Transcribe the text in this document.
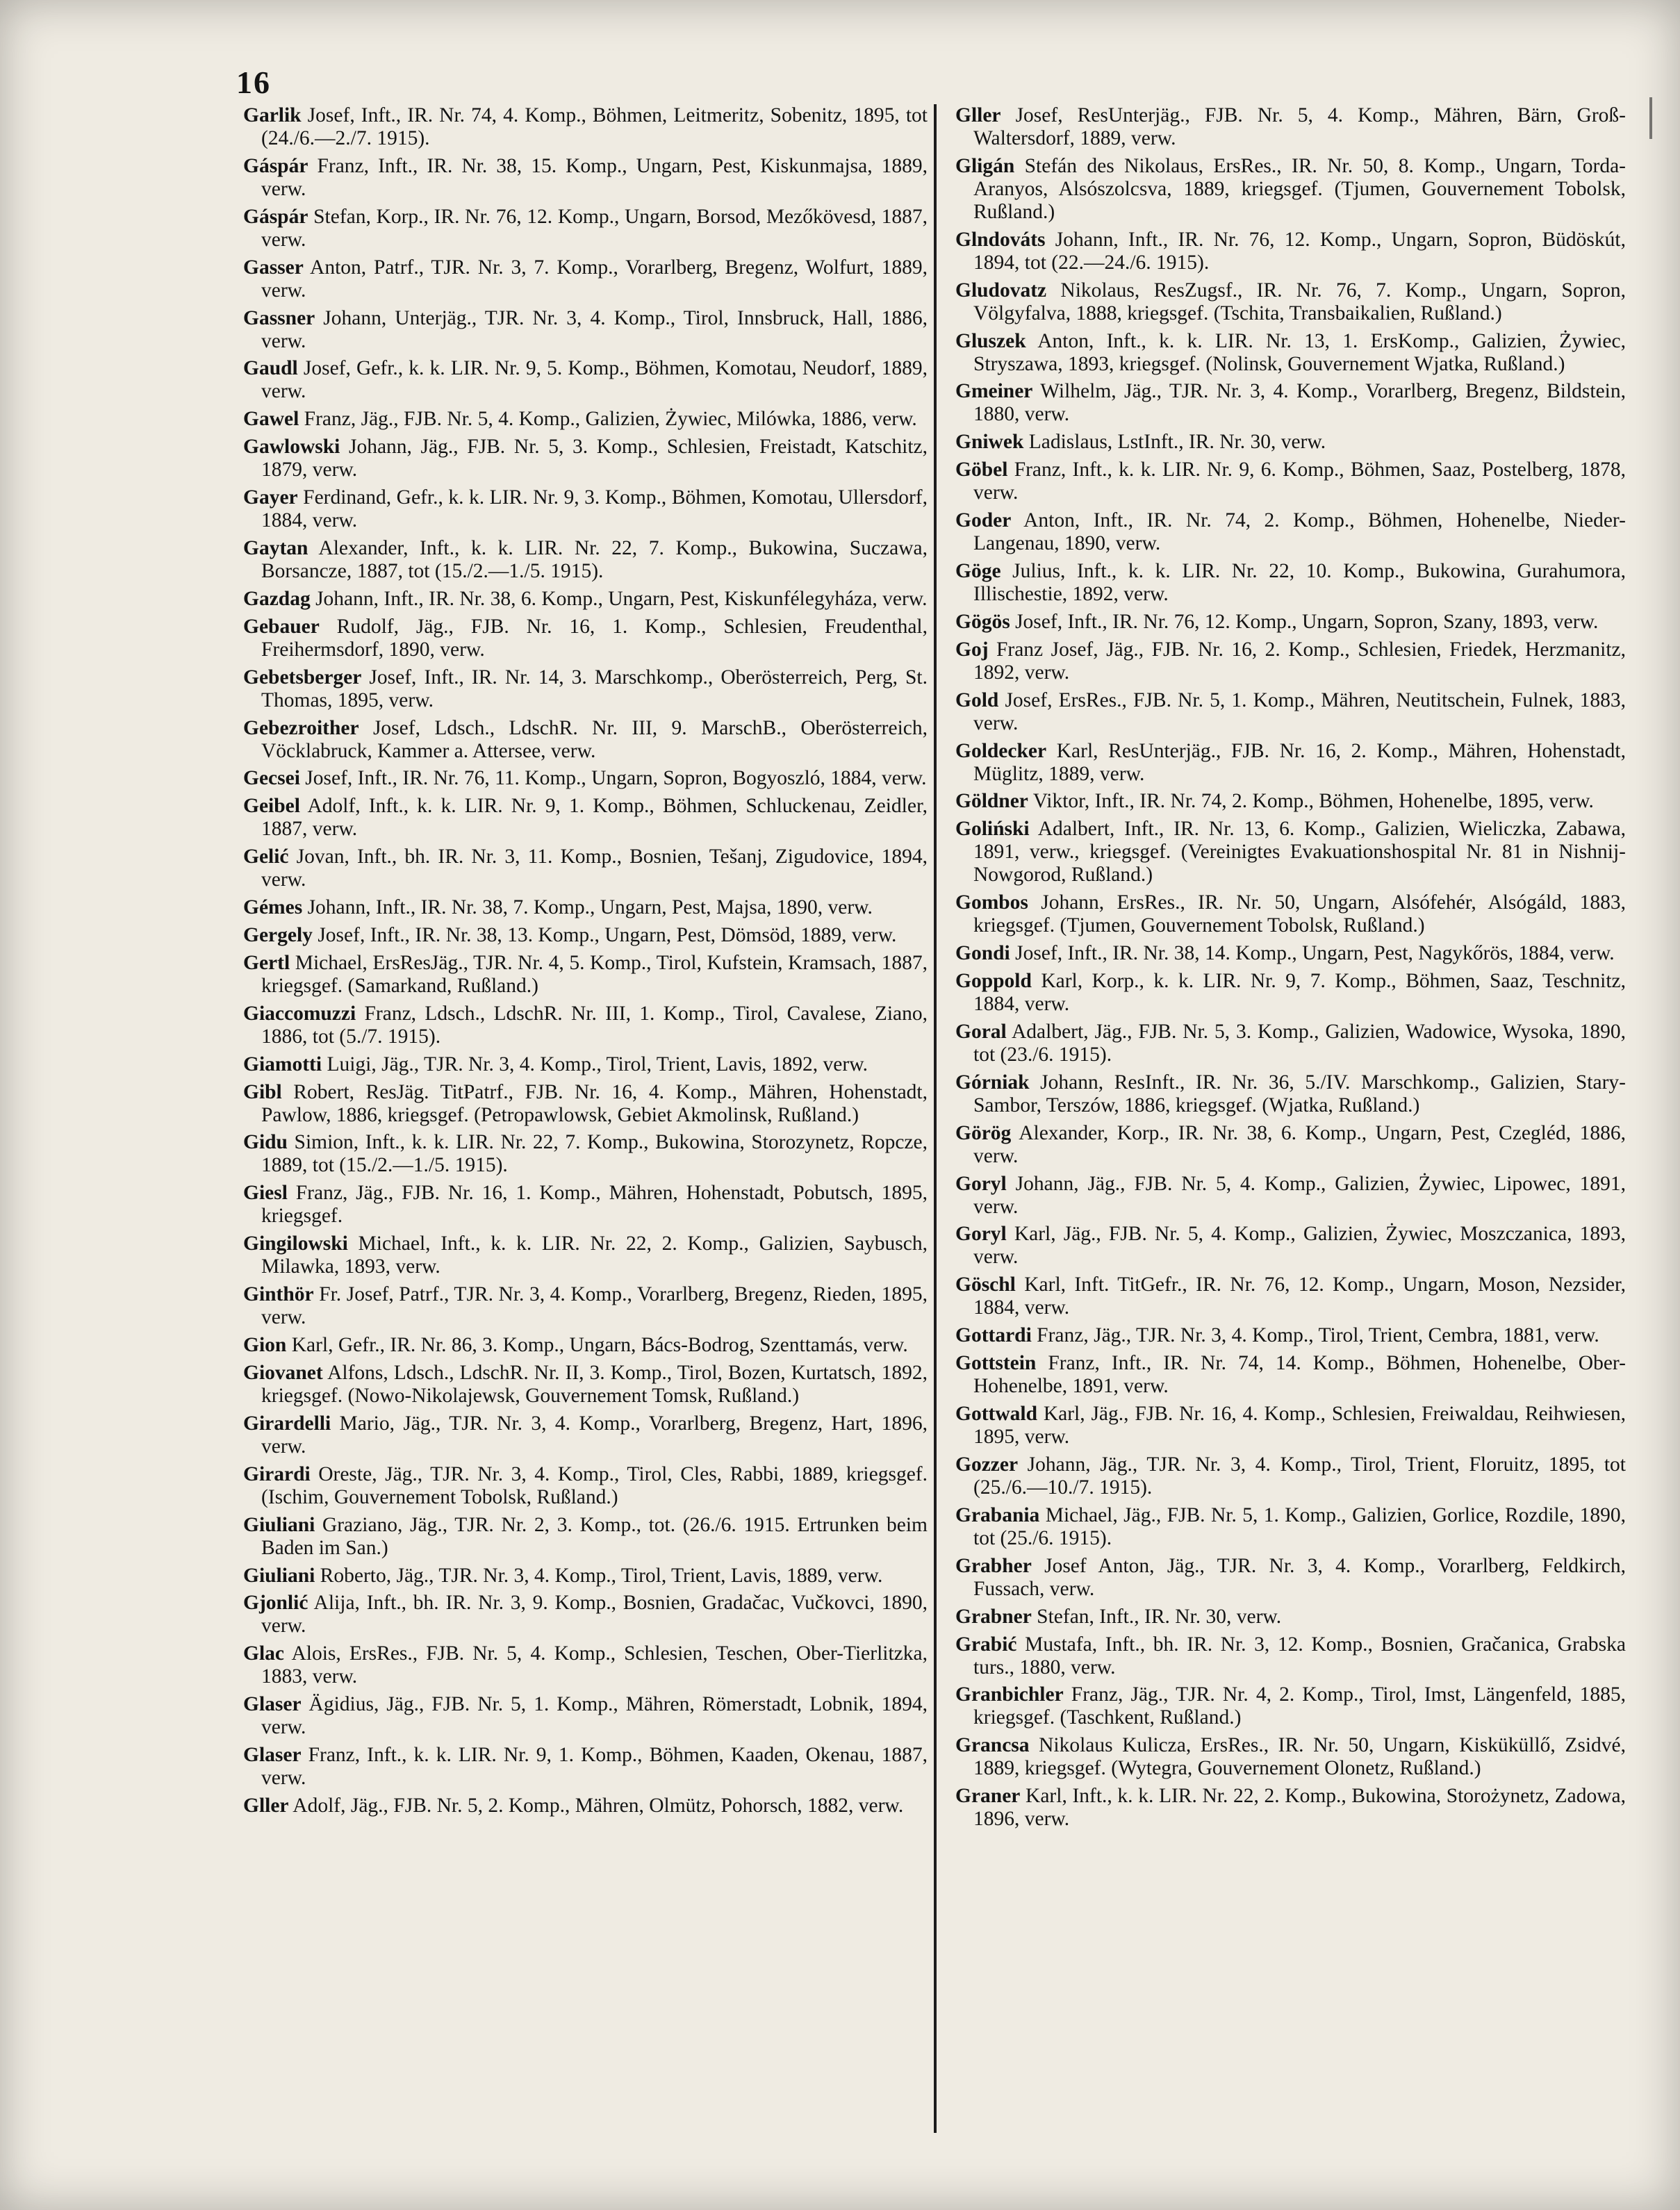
16

Garlik Josef, Inft., IR. Nr. 74, 4. Komp., Böhmen, Leitmeritz, Sobenitz, 1895, tot (24./6.—2./7. 1915).

Gáspár Franz, Inft., IR. Nr. 38, 15. Komp., Ungarn, Pest, Kiskunmajsa, 1889, verw.

Gáspár Stefan, Korp., IR. Nr. 76, 12. Komp., Ungarn, Borsod, Mezőkövesd, 1887, verw.

Gasser Anton, Patrf., TJR. Nr. 3, 7. Komp., Vorarlberg, Bregenz, Wolfurt, 1889, verw.

Gassner Johann, Unterjäg., TJR. Nr. 3, 4. Komp., Tirol, Innsbruck, Hall, 1886, verw.

Gaudl Josef, Gefr., k. k. LIR. Nr. 9, 5. Komp., Böhmen, Komotau, Neudorf, 1889, verw.

Gawel Franz, Jäg., FJB. Nr. 5, 4. Komp., Galizien, Żywiec, Milówka, 1886, verw.

Gawlowski Johann, Jäg., FJB. Nr. 5, 3. Komp., Schlesien, Freistadt, Katschitz, 1879, verw.

Gayer Ferdinand, Gefr., k. k. LIR. Nr. 9, 3. Komp., Böhmen, Komotau, Ullersdorf, 1884, verw.

Gaytan Alexander, Inft., k. k. LIR. Nr. 22, 7. Komp., Bukowina, Suczawa, Borsancze, 1887, tot (15./2.—1./5. 1915).

Gazdag Johann, Inft., IR. Nr. 38, 6. Komp., Ungarn, Pest, Kiskunfélegyháza, verw.

Gebauer Rudolf, Jäg., FJB. Nr. 16, 1. Komp., Schlesien, Freudenthal, Freihermsdorf, 1890, verw.

Gebetsberger Josef, Inft., IR. Nr. 14, 3. Marschkomp., Oberösterreich, Perg, St. Thomas, 1895, verw.

Gebezroither Josef, Ldsch., LdschR. Nr. III, 9. MarschB., Oberösterreich, Vöcklabruck, Kammer a. Attersee, verw.

Gecsei Josef, Inft., IR. Nr. 76, 11. Komp., Ungarn, Sopron, Bogyoszló, 1884, verw.

Geibel Adolf, Inft., k. k. LIR. Nr. 9, 1. Komp., Böhmen, Schluckenau, Zeidler, 1887, verw.

Gelić Jovan, Inft., bh. IR. Nr. 3, 11. Komp., Bosnien, Tešanj, Zigudovice, 1894, verw.

Gémes Johann, Inft., IR. Nr. 38, 7. Komp., Ungarn, Pest, Majsa, 1890, verw.

Gergely Josef, Inft., IR. Nr. 38, 13. Komp., Ungarn, Pest, Dömsöd, 1889, verw.

Gertl Michael, ErsResJäg., TJR. Nr. 4, 5. Komp., Tirol, Kufstein, Kramsach, 1887, kriegsgef. (Samarkand, Rußland.)

Giaccomuzzi Franz, Ldsch., LdschR. Nr. III, 1. Komp., Tirol, Cavalese, Ziano, 1886, tot (5./7. 1915).

Giamotti Luigi, Jäg., TJR. Nr. 3, 4. Komp., Tirol, Trient, Lavis, 1892, verw.

Gibl Robert, ResJäg. TitPatrf., FJB. Nr. 16, 4. Komp., Mähren, Hohenstadt, Pawlow, 1886, kriegsgef. (Petropawlowsk, Gebiet Akmolinsk, Rußland.)

Gidu Simion, Inft., k. k. LIR. Nr. 22, 7. Komp., Bukowina, Storozynetz, Ropcze, 1889, tot (15./2.—1./5. 1915).

Giesl Franz, Jäg., FJB. Nr. 16, 1. Komp., Mähren, Hohenstadt, Pobutsch, 1895, kriegsgef.

Gingilowski Michael, Inft., k. k. LIR. Nr. 22, 2. Komp., Galizien, Saybusch, Milawka, 1893, verw.

Ginthör Fr. Josef, Patrf., TJR. Nr. 3, 4. Komp., Vorarlberg, Bregenz, Rieden, 1895, verw.

Gion Karl, Gefr., IR. Nr. 86, 3. Komp., Ungarn, Bács-Bodrog, Szenttamás, verw.

Giovanet Alfons, Ldsch., LdschR. Nr. II, 3. Komp., Tirol, Bozen, Kurtatsch, 1892, kriegsgef. (Nowo-Nikolajewsk, Gouvernement Tomsk, Rußland.)

Girardelli Mario, Jäg., TJR. Nr. 3, 4. Komp., Vorarlberg, Bregenz, Hart, 1896, verw.

Girardi Oreste, Jäg., TJR. Nr. 3, 4. Komp., Tirol, Cles, Rabbi, 1889, kriegsgef. (Ischim, Gouvernement Tobolsk, Rußland.)

Giuliani Graziano, Jäg., TJR. Nr. 2, 3. Komp., tot. (26./6. 1915. Ertrunken beim Baden im San.)

Giuliani Roberto, Jäg., TJR. Nr. 3, 4. Komp., Tirol, Trient, Lavis, 1889, verw.

Gjonlić Alija, Inft., bh. IR. Nr. 3, 9. Komp., Bosnien, Gradačac, Vučkovci, 1890, verw.

Glac Alois, ErsRes., FJB. Nr. 5, 4. Komp., Schlesien, Teschen, Ober-Tierlitzka, 1883, verw.

Glaser Ägidius, Jäg., FJB. Nr. 5, 1. Komp., Mähren, Römerstadt, Lobnik, 1894, verw.

Glaser Franz, Inft., k. k. LIR. Nr. 9, 1. Komp., Böhmen, Kaaden, Okenau, 1887, verw.

Gller Adolf, Jäg., FJB. Nr. 5, 2. Komp., Mähren, Olmütz, Pohorsch, 1882, verw.

Gller Josef, ResUnterjäg., FJB. Nr. 5, 4. Komp., Mähren, Bärn, Groß-Waltersdorf, 1889, verw.

Gligán Stefán des Nikolaus, ErsRes., IR. Nr. 50, 8. Komp., Ungarn, Torda-Aranyos, Alsószolcsva, 1889, kriegsgef. (Tjumen, Gouvernement Tobolsk, Rußland.)

Glndováts Johann, Inft., IR. Nr. 76, 12. Komp., Ungarn, Sopron, Büdöskút, 1894, tot (22.—24./6. 1915).

Gludovatz Nikolaus, ResZugsf., IR. Nr. 76, 7. Komp., Ungarn, Sopron, Völgyfalva, 1888, kriegsgef. (Tschita, Transbaikalien, Rußland.)

Gluszek Anton, Inft., k. k. LIR. Nr. 13, 1. ErsKomp., Galizien, Żywiec, Stryszawa, 1893, kriegsgef. (Nolinsk, Gouvernement Wjatka, Rußland.)

Gmeiner Wilhelm, Jäg., TJR. Nr. 3, 4. Komp., Vorarlberg, Bregenz, Bildstein, 1880, verw.

Gniwek Ladislaus, LstInft., IR. Nr. 30, verw.

Göbel Franz, Inft., k. k. LIR. Nr. 9, 6. Komp., Böhmen, Saaz, Postelberg, 1878, verw.

Goder Anton, Inft., IR. Nr. 74, 2. Komp., Böhmen, Hohenelbe, Nieder-Langenau, 1890, verw.

Göge Julius, Inft., k. k. LIR. Nr. 22, 10. Komp., Bukowina, Gurahumora, Illischestie, 1892, verw.

Gögös Josef, Inft., IR. Nr. 76, 12. Komp., Ungarn, Sopron, Szany, 1893, verw.

Goj Franz Josef, Jäg., FJB. Nr. 16, 2. Komp., Schlesien, Friedek, Herzmanitz, 1892, verw.

Gold Josef, ErsRes., FJB. Nr. 5, 1. Komp., Mähren, Neutitschein, Fulnek, 1883, verw.

Goldecker Karl, ResUnterjäg., FJB. Nr. 16, 2. Komp., Mähren, Hohenstadt, Müglitz, 1889, verw.

Göldner Viktor, Inft., IR. Nr. 74, 2. Komp., Böhmen, Hohenelbe, 1895, verw.

Goliński Adalbert, Inft., IR. Nr. 13, 6. Komp., Galizien, Wieliczka, Zabawa, 1891, verw., kriegsgef. (Vereinigtes Evakuationshospital Nr. 81 in Nishnij-Nowgorod, Rußland.)

Gombos Johann, ErsRes., IR. Nr. 50, Ungarn, Alsófehér, Alsógáld, 1883, kriegsgef. (Tjumen, Gouvernement Tobolsk, Rußland.)

Gondi Josef, Inft., IR. Nr. 38, 14. Komp., Ungarn, Pest, Nagykőrös, 1884, verw.

Goppold Karl, Korp., k. k. LIR. Nr. 9, 7. Komp., Böhmen, Saaz, Teschnitz, 1884, verw.

Goral Adalbert, Jäg., FJB. Nr. 5, 3. Komp., Galizien, Wadowice, Wysoka, 1890, tot (23./6. 1915).

Górniak Johann, ResInft., IR. Nr. 36, 5./IV. Marschkomp., Galizien, Stary-Sambor, Terszów, 1886, kriegsgef. (Wjatka, Rußland.)

Görög Alexander, Korp., IR. Nr. 38, 6. Komp., Ungarn, Pest, Czegléd, 1886, verw.

Goryl Johann, Jäg., FJB. Nr. 5, 4. Komp., Galizien, Żywiec, Lipowec, 1891, verw.

Goryl Karl, Jäg., FJB. Nr. 5, 4. Komp., Galizien, Żywiec, Moszczanica, 1893, verw.

Göschl Karl, Inft. TitGefr., IR. Nr. 76, 12. Komp., Ungarn, Moson, Nezsider, 1884, verw.

Gottardi Franz, Jäg., TJR. Nr. 3, 4. Komp., Tirol, Trient, Cembra, 1881, verw.

Gottstein Franz, Inft., IR. Nr. 74, 14. Komp., Böhmen, Hohenelbe, Ober-Hohenelbe, 1891, verw.

Gottwald Karl, Jäg., FJB. Nr. 16, 4. Komp., Schlesien, Freiwaldau, Reihwiesen, 1895, verw.

Gozzer Johann, Jäg., TJR. Nr. 3, 4. Komp., Tirol, Trient, Floruitz, 1895, tot (25./6.—10./7. 1915).

Grabania Michael, Jäg., FJB. Nr. 5, 1. Komp., Galizien, Gorlice, Rozdile, 1890, tot (25./6. 1915).

Grabher Josef Anton, Jäg., TJR. Nr. 3, 4. Komp., Vorarlberg, Feldkirch, Fussach, verw.

Grabner Stefan, Inft., IR. Nr. 30, verw.

Grabić Mustafa, Inft., bh. IR. Nr. 3, 12. Komp., Bosnien, Gračanica, Grabska turs., 1880, verw.

Granbichler Franz, Jäg., TJR. Nr. 4, 2. Komp., Tirol, Imst, Längenfeld, 1885, kriegsgef. (Taschkent, Rußland.)

Grancsa Nikolaus Kulicza, ErsRes., IR. Nr. 50, Ungarn, Kisküküllő, Zsidvé, 1889, kriegsgef. (Wytegra, Gouvernement Olonetz, Rußland.)

Graner Karl, Inft., k. k. LIR. Nr. 22, 2. Komp., Bukowina, Storożynetz, Zadowa, 1896, verw.
